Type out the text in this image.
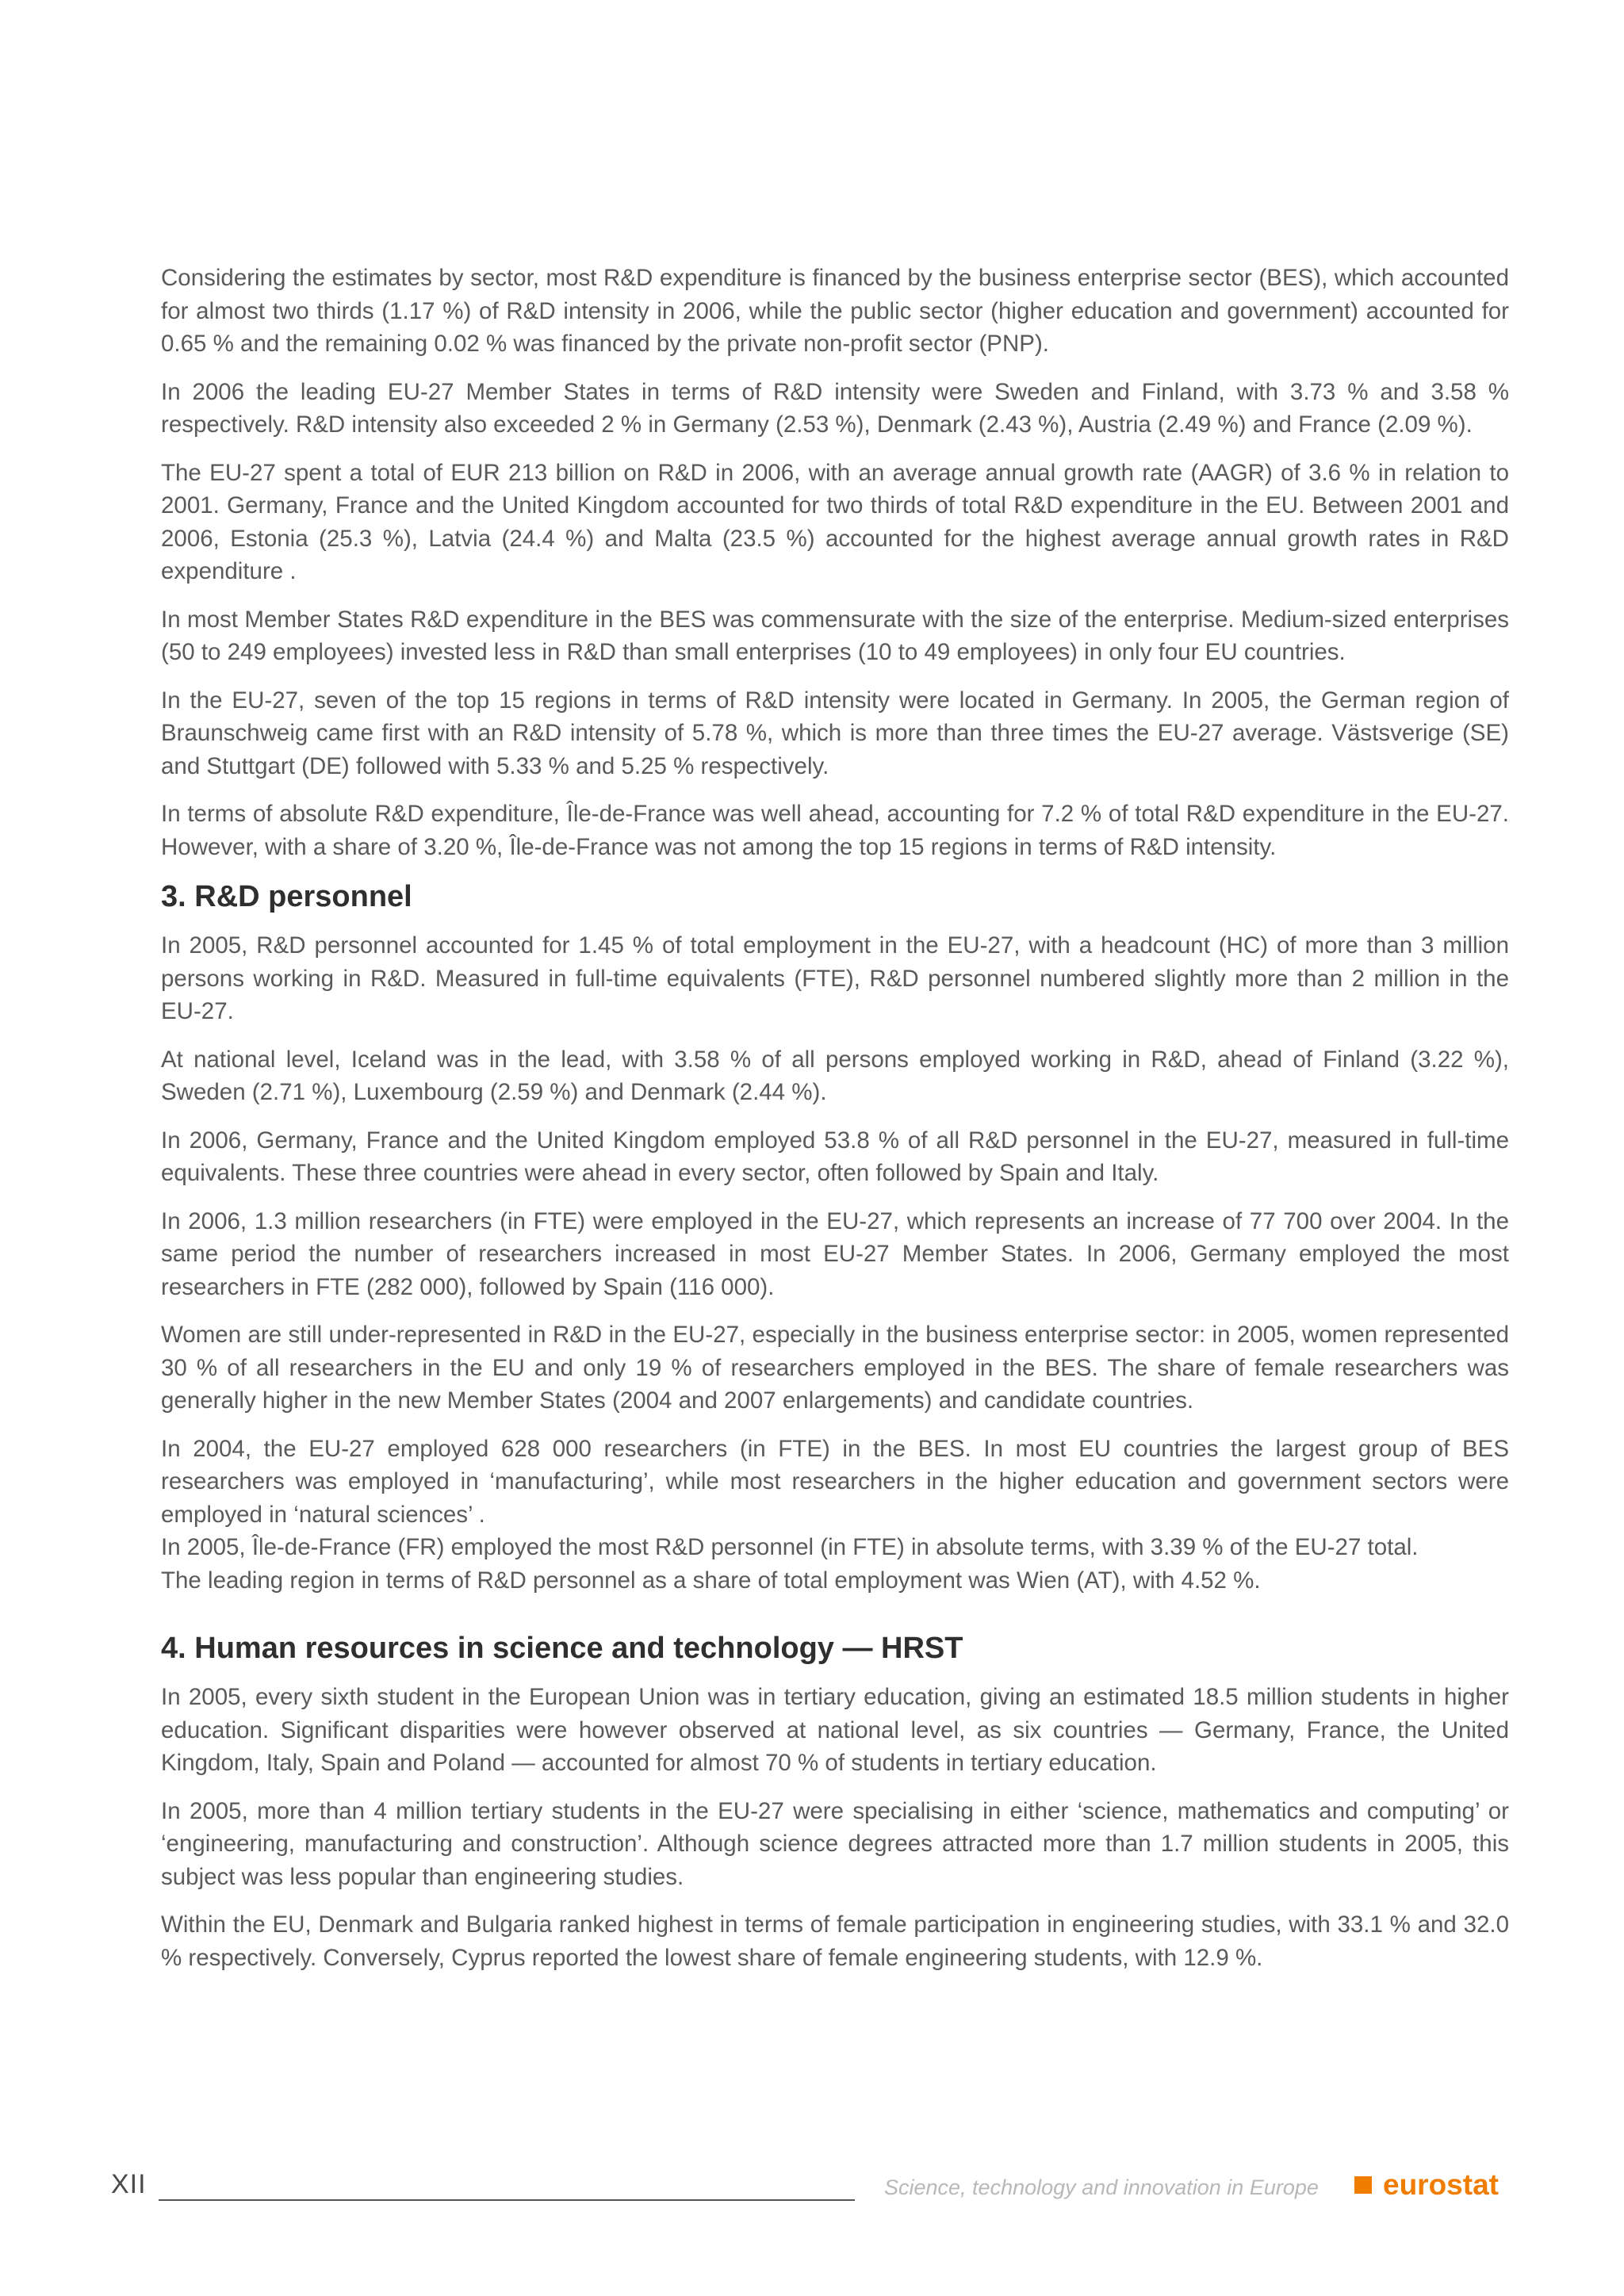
Considering the estimates by sector, most R&D expenditure is financed by the business enterprise sector (BES), which accounted for almost two thirds (1.17 %) of R&D intensity in 2006, while the public sector (higher education and government) accounted for 0.65 % and the remaining 0.02 % was financed by the private non-profit sector (PNP).

In 2006 the leading EU-27 Member States in terms of R&D intensity were Sweden and Finland, with 3.73 % and 3.58 % respectively. R&D intensity also exceeded 2 % in Germany (2.53 %), Denmark (2.43 %), Austria (2.49 %) and France (2.09 %).

The EU-27 spent a total of EUR 213 billion on R&D in 2006, with an average annual growth rate (AAGR) of 3.6 % in relation to 2001. Germany, France and the United Kingdom accounted for two thirds of total R&D expenditure in the EU. Between 2001 and 2006, Estonia (25.3 %), Latvia (24.4 %) and Malta (23.5 %) accounted for the highest average annual growth rates in R&D expenditure .

In most Member States R&D expenditure in the BES was commensurate with the size of the enterprise. Medium-sized enterprises (50 to 249 employees) invested less in R&D than small enterprises (10 to 49 employees) in only four EU countries.

In the EU-27, seven of the top 15 regions in terms of R&D intensity were located in Germany. In 2005, the German region of Braunschweig came first with an R&D intensity of 5.78 %, which is more than three times the EU-27 average. Västsverige (SE) and Stuttgart (DE) followed with 5.33 % and 5.25 % respectively.

In terms of absolute R&D expenditure, Île-de-France was well ahead, accounting for 7.2 % of total R&D expenditure in the EU-27. However, with a share of 3.20 %, Île-de-France was not among the top 15 regions in terms of R&D intensity.

3. R&D personnel

In 2005, R&D personnel accounted for 1.45 % of total employment in the EU-27, with a headcount (HC) of more than 3 million persons working in R&D. Measured in full-time equivalents (FTE), R&D personnel numbered slightly more than 2 million in the EU-27.

At national level, Iceland was in the lead, with 3.58 % of all persons employed working in R&D, ahead of Finland (3.22 %), Sweden (2.71 %), Luxembourg (2.59 %) and Denmark (2.44 %).

In 2006, Germany, France and the United Kingdom employed 53.8 % of all R&D personnel in the EU-27, measured in full-time equivalents. These three countries were ahead in every sector, often followed by Spain and Italy.

In 2006, 1.3 million researchers (in FTE) were employed in the EU-27, which represents an increase of 77 700 over 2004. In the same period the number of researchers increased in most EU-27 Member States. In 2006, Germany employed the most researchers in FTE (282 000), followed by Spain (116 000).

Women are still under-represented in R&D in the EU-27, especially in the business enterprise sector: in 2005, women represented 30 % of all researchers in the EU and only 19 % of researchers employed in the BES. The share of female researchers was generally higher in the new Member States (2004 and 2007 enlargements) and candidate countries.

In 2004, the EU-27 employed 628 000 researchers (in FTE) in the BES. In most EU countries the largest group of BES researchers was employed in ‘manufacturing’, while most researchers in the higher education and government sectors were employed in ‘natural sciences’ .

In 2005, Île-de-France (FR) employed the most R&D personnel (in FTE) in absolute terms, with 3.39 % of the EU-27 total.

The leading region in terms of R&D personnel as a share of total employment was Wien (AT), with 4.52 %.

4. Human resources in science and technology — HRST

In 2005, every sixth student in the European Union was in tertiary education, giving an estimated 18.5 million students in higher education. Significant disparities were however observed at national level, as six countries — Germany, France, the United Kingdom, Italy, Spain and Poland — accounted for almost 70 % of students in tertiary education.

In 2005, more than 4 million tertiary students in the EU-27 were specialising in either ‘science, mathematics and computing’ or ‘engineering, manufacturing and construction’. Although science degrees attracted more than 1.7 million students in 2005, this subject was less popular than engineering studies.

Within the EU, Denmark and Bulgaria ranked highest in terms of female participation in engineering studies, with 33.1 % and 32.0 % respectively. Conversely, Cyprus reported the lowest share of female engineering students, with 12.9 %.

XII	Science, technology and innovation in Europe eurostat
